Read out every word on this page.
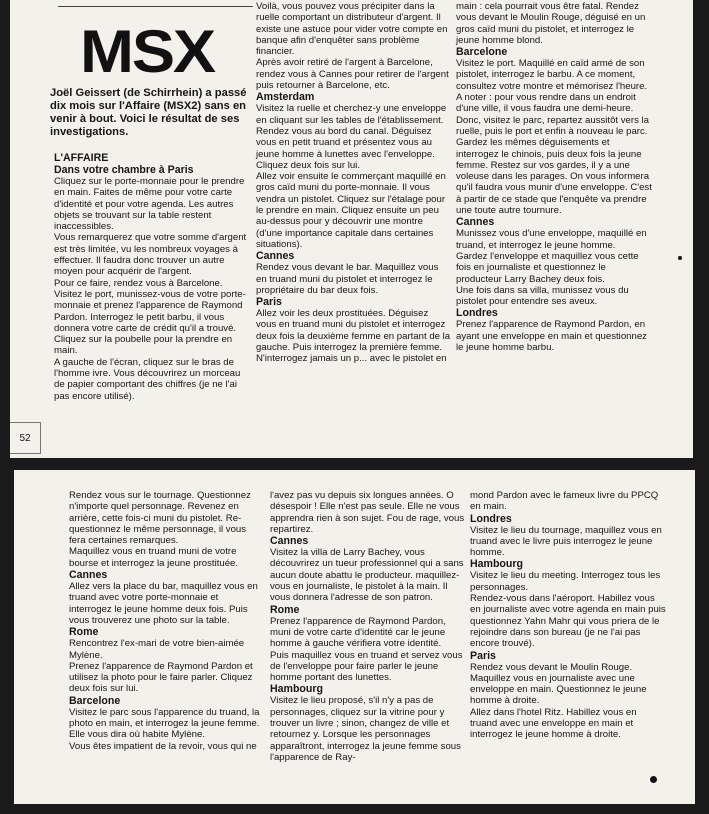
MSX
Joël Geissert (de Schirrhein) a passé dix mois sur l'Affaire (MSX2) sans en venir à bout. Voici le résultat de ses investigations.
L'AFFAIRE
Dans votre chambre à Paris

Cliquez sur le porte-monnaie pour le prendre en main. Faites de même pour votre carte d'identité et pour votre agenda. Les autres objets se trouvant sur la table restent inaccessibles.

Vous remarquerez que votre somme d'argent est très limitée, vu les nombreux voyages à effectuer. Il faudra donc trouver un autre moyen pour acquérir de l'argent.

Pour ce faire, rendez vous à Barcelone. Visitez le port, munissez-vous de votre porte-monnaie et prenez l'apparence de Raymond Pardon. Interrogez le petit barbu, il vous donnera votre carte de crédit qu'il a trouvé. Cliquez sur la poubelle pour la prendre en main.

A gauche de l'écran, cliquez sur le bras de l'homme ivre. Vous découvrirez un morceau de papier comportant des chiffres (je ne l'ai pas encore utilisé).

Voilà, vous pouvez vous précipiter dans la ruelle comportant un distributeur d'argent. Il existe une astuce pour vider votre compte en banque afin d'enquêter sans problème financier.

Après avoir retiré de l'argent à Barcelone, rendez vous à Cannes pour retirer de l'argent puis retourner à Barcelone, etc.

Amsterdam

Visitez la ruelle et cherchez-y une enveloppe en cliquant sur les tables de l'établissement. Rendez vous au bord du canal. Déguisez vous en petit truand et présentez vous au jeune homme à lunettes avec l'enveloppe. Cliquez deux fois sur lui.

Allez voir ensuite le commerçant maquillé en gros caïd muni du porte-monnaie. Il vous vendra un pistolet. Cliquez sur l'étalage pour le prendre en main. Cliquez ensuite un peu au-dessus pour y découvrir une montre (d'une importance capitale dans certaines situations).

Cannes

Rendez vous devant le bar. Maquillez vous en truand muni du pistolet et interrogez le propriétaire du bar deux fois.

Paris

Allez voir les deux prostituées. Déguisez vous en truand muni du pistolet et interrogez deux fois la deuxième femme en partant de la gauche. Puis interrogez la première femme.

N'interrogez jamais un p... avec le pistolet en

main : cela pourrait vous être fatal. Rendez vous devant le Moulin Rouge, déguisé en un gros caïd muni du pistolet, et interrogez le jeune homme blond.

Barcelone

Visitez le port. Maquillé en caïd armé de son pistolet, interrogez le barbu. A ce moment, consultez votre montre et mémorisez l'heure.

A noter : pour vous rendre dans un endroit d'une ville, il vous faudra une demi-heure. Donc, visitez le parc, repartez aussitôt vers la ruelle, puis le port et enfin à nouveau le parc. Gardez les mêmes déguisements et interrogez le chinois, puis deux fois la jeune femme. Restez sur vos gardes, il y a une voleuse dans les parages. On vous informera qu'il faudra vous munir d'une enveloppe. C'est à partir de ce stade que l'enquête va prendre une toute autre tournure.

Cannes

Munissez vous d'une enveloppe, maquillé en truand, et interrogez le jeune homme.

Gardez l'enveloppe et maquillez vous cette fois en journaliste et questionnez le producteur Larry Bachey deux fois.

Une fois dans sa villa, munissez vous du pistolet pour entendre ses aveux.

Londres

Prenez l'apparence de Raymond Pardon, en ayant une enveloppe en main et questionnez le jeune homme barbu.

52

Rendez vous sur le tournage. Questionnez n'importe quel personnage. Revenez en arrière, cette fois-ci muni du pistolet. Re-questionnez le même personnage, il vous fera certaines remarques.

Maquillez vous en truand muni de votre bourse et interrogez la jeune prostituée.

Cannes

Allez vers la place du bar, maquillez vous en truand avec votre porte-monnaie et interrogez le jeune homme deux fois. Puis vous trouverez une photo sur la table.

Rome

Rencontrez l'ex-mari de votre bien-aimée Mylène.

Prenez l'apparence de Raymond Pardon et utilisez la photo pour le faire parler. Cliquez deux fois sur lui.

Barcelone

Visitez le parc sous l'apparence du truand, la photo en main, et interrogez la jeune femme. Elle vous dira où habite Mylène.

Vous êtes impatient de la revoir, vous qui ne

l'avez pas vu depuis six longues années. O désespoir ! Elle n'est pas seule. Elle ne vous apprendra rien à son sujet. Fou de rage, vous repartirez.

Cannes

Visitez la villa de Larry Bachey, vous découvrirez un tueur professionnel qui a sans aucun doute abattu le producteur. maquillez-vous en journaliste, le pistolet à la main. Il vous donnera l'adresse de son patron.

Rome

Prenez l'apparence de Raymond Pardon, muni de votre carte d'identité car le jeune homme à gauche vérifiera votre identité.

Puis maquillez vous en truand et servez vous de l'enveloppe pour faire parler le jeune homme portant des lunettes.

Hambourg

Visitez le lieu proposé, s'il n'y a pas de personnages, cliquez sur la vitrine pour y trouver un livre ; sinon, changez de ville et retournez y. Lorsque les personnages apparaîtront, interrogez la jeune femme sous l'apparence de Ray-

mond Pardon avec le fameux livre du PPCQ en main.

Londres

Visitez le lieu du tournage, maquillez vous en truand avec le livre puis interrogez le jeune homme.

Hambourg

Visitez le lieu du meeting. Interrogez tous les personnages.

Rendez-vous dans l'aéroport. Habillez vous en journaliste avec votre agenda en main puis questionnez Yahn Mahr qui vous priera de le rejoindre dans son bureau (je ne l'ai pas encore trouvé).

Paris

Rendez vous devant le Moulin Rouge. Maquillez vous en journaliste avec une enveloppe en main. Questionnez le jeune homme à droite.

Allez dans l'hotel Ritz. Habillez vous en truand avec une enveloppe en main et interrogez le jeune homme à droite.
